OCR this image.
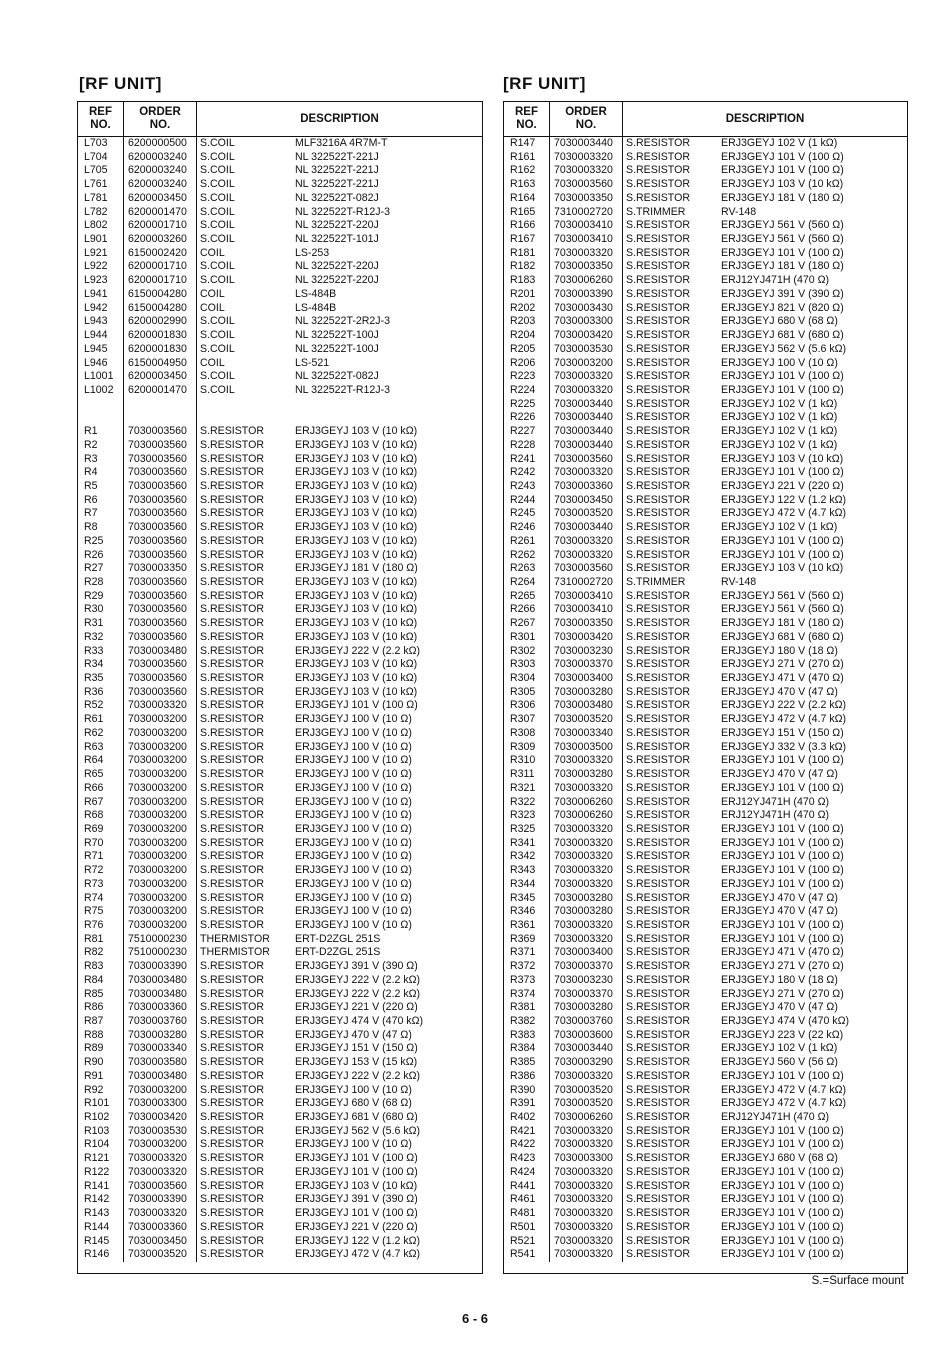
[RF UNIT]	[RF UNIT]
REF
NO.
ORDER
NO.
DESCRIPTION
L703
L704
L705
L761
L781
L782
L802
L901
L921
L922
L923
L941
L942
L943
L944
L945
L946
L1001
L1002

R1
R2
R3
R4
R5
R6
R7
R8
R25
R26
R27
R28
R29
R30
R31
R32
R33
R34
R35
R36
R52
R61
R62
R63
R64
R65
R66
R67
R68
R69
R70
R71
R72
R73
R74
R75
R76
R81
R82
R83
R84
R85
R86
R87
R88
R89
R90
R91
R92
R101
R102
R103
R104
R121
R122
R141
R142
R143
R144
R145
R146
6200000500
6200003240
6200003240
6200003240
6200003450
6200001470
6200001710
6200003260
6150002420
6200001710
6200001710
6150004280
6150004280
6200002990
6200001830
6200001830
6150004950
6200003450
6200001470

7030003560
7030003560
7030003560
7030003560
7030003560
7030003560
7030003560
7030003560
7030003560
7030003560
7030003350
7030003560
7030003560
7030003560
7030003560
7030003560
7030003480
7030003560
7030003560
7030003560
7030003320
7030003200
7030003200
7030003200
7030003200
7030003200
7030003200
7030003200
7030003200
7030003200
7030003200
7030003200
7030003200
7030003200
7030003200
7030003200
7030003200
7510000230
7510000230
7030003390
7030003480
7030003480
7030003360
7030003760
7030003280
7030003340
7030003580
7030003480
7030003200
7030003300
7030003420
7030003530
7030003200
7030003320
7030003320
7030003560
7030003390
7030003320
7030003360
7030003450
7030003520
S.COIL
S.COIL
S.COIL
S.COIL
S.COIL
S.COIL
S.COIL
S.COIL
COIL
S.COIL
S.COIL
COIL
COIL
S.COIL
S.COIL
S.COIL
COIL
S.COIL
S.COIL

S.RESISTOR
S.RESISTOR
S.RESISTOR
S.RESISTOR
S.RESISTOR
S.RESISTOR
S.RESISTOR
S.RESISTOR
S.RESISTOR
S.RESISTOR
S.RESISTOR
S.RESISTOR
S.RESISTOR
S.RESISTOR
S.RESISTOR
S.RESISTOR
S.RESISTOR
S.RESISTOR
S.RESISTOR
S.RESISTOR
S.RESISTOR
S.RESISTOR
S.RESISTOR
S.RESISTOR
S.RESISTOR
S.RESISTOR
S.RESISTOR
S.RESISTOR
S.RESISTOR
S.RESISTOR
S.RESISTOR
S.RESISTOR
S.RESISTOR
S.RESISTOR
S.RESISTOR
S.RESISTOR
S.RESISTOR
THERMISTOR
THERMISTOR
S.RESISTOR
S.RESISTOR
S.RESISTOR
S.RESISTOR
S.RESISTOR
S.RESISTOR
S.RESISTOR
S.RESISTOR
S.RESISTOR
S.RESISTOR
S.RESISTOR
S.RESISTOR
S.RESISTOR
S.RESISTOR
S.RESISTOR
S.RESISTOR
S.RESISTOR
S.RESISTOR
S.RESISTOR
S.RESISTOR
S.RESISTOR
S.RESISTOR
MLF3216A 4R7M-T
NL 322522T-221J
NL 322522T-221J
NL 322522T-221J
NL 322522T-082J
NL 322522T-R12J-3
NL 322522T-220J
NL 322522T-101J
LS-253
NL 322522T-220J
NL 322522T-220J
LS-484B
LS-484B
NL 322522T-2R2J-3
NL 322522T-100J
NL 322522T-100J
LS-521
NL 322522T-082J
NL 322522T-R12J-3

ERJ3GEYJ 103 V (10 kΩ)
ERJ3GEYJ 103 V (10 kΩ)
ERJ3GEYJ 103 V (10 kΩ)
ERJ3GEYJ 103 V (10 kΩ)
ERJ3GEYJ 103 V (10 kΩ)
ERJ3GEYJ 103 V (10 kΩ)
ERJ3GEYJ 103 V (10 kΩ)
ERJ3GEYJ 103 V (10 kΩ)
ERJ3GEYJ 103 V (10 kΩ)
ERJ3GEYJ 103 V (10 kΩ)
ERJ3GEYJ 181 V (180 Ω)
ERJ3GEYJ 103 V (10 kΩ)
ERJ3GEYJ 103 V (10 kΩ)
ERJ3GEYJ 103 V (10 kΩ)
ERJ3GEYJ 103 V (10 kΩ)
ERJ3GEYJ 103 V (10 kΩ)
ERJ3GEYJ 222 V (2.2 kΩ)
ERJ3GEYJ 103 V (10 kΩ)
ERJ3GEYJ 103 V (10 kΩ)
ERJ3GEYJ 103 V (10 kΩ)
ERJ3GEYJ 101 V (100 Ω)
ERJ3GEYJ 100 V (10 Ω)
ERJ3GEYJ 100 V (10 Ω)
ERJ3GEYJ 100 V (10 Ω)
ERJ3GEYJ 100 V (10 Ω)
ERJ3GEYJ 100 V (10 Ω)
ERJ3GEYJ 100 V (10 Ω)
ERJ3GEYJ 100 V (10 Ω)
ERJ3GEYJ 100 V (10 Ω)
ERJ3GEYJ 100 V (10 Ω)
ERJ3GEYJ 100 V (10 Ω)
ERJ3GEYJ 100 V (10 Ω)
ERJ3GEYJ 100 V (10 Ω)
ERJ3GEYJ 100 V (10 Ω)
ERJ3GEYJ 100 V (10 Ω)
ERJ3GEYJ 100 V (10 Ω)
ERJ3GEYJ 100 V (10 Ω)
ERT-D2ZGL 251S
ERT-D2ZGL 251S
ERJ3GEYJ 391 V (390 Ω)
ERJ3GEYJ 222 V (2.2 kΩ)
ERJ3GEYJ 222 V (2.2 kΩ)
ERJ3GEYJ 221 V (220 Ω)
ERJ3GEYJ 474 V (470 kΩ)
ERJ3GEYJ 470 V (47 Ω)
ERJ3GEYJ 151 V (150 Ω)
ERJ3GEYJ 153 V (15 kΩ)
ERJ3GEYJ 222 V (2.2 kΩ)
ERJ3GEYJ 100 V (10 Ω)
ERJ3GEYJ 680 V (68 Ω)
ERJ3GEYJ 681 V (680 Ω)
ERJ3GEYJ 562 V (5.6 kΩ)
ERJ3GEYJ 100 V (10 Ω)
ERJ3GEYJ 101 V (100 Ω)
ERJ3GEYJ 101 V (100 Ω)
ERJ3GEYJ 103 V (10 kΩ)
ERJ3GEYJ 391 V (390 Ω)
ERJ3GEYJ 101 V (100 Ω)
ERJ3GEYJ 221 V (220 Ω)
ERJ3GEYJ 122 V (1.2 kΩ)
ERJ3GEYJ 472 V (4.7 kΩ)
REF
NO.
ORDER
NO.
DESCRIPTION
R147
R161
R162
R163
R164
R165
R166
R167
R181
R182
R183
R201
R202
R203
R204
R205
R206
R223
R224
R225
R226
R227
R228
R241
R242
R243
R244
R245
R246
R261
R262
R263
R264
R265
R266
R267
R301
R302
R303
R304
R305
R306
R307
R308
R309
R310
R311
R321
R322
R323
R325
R341
R342
R343
R344
R345
R346
R361
R369
R371
R372
R373
R374
R381
R382
R383
R384
R385
R386
R390
R391
R402
R421
R422
R423
R424
R441
R461
R481
R501
R521
R541
7030003440
7030003320
7030003320
7030003560
7030003350
7310002720
7030003410
7030003410
7030003320
7030003350
7030006260
7030003390
7030003430
7030003300
7030003420
7030003530
7030003200
7030003320
7030003320
7030003440
7030003440
7030003440
7030003440
7030003560
7030003320
7030003360
7030003450
7030003520
7030003440
7030003320
7030003320
7030003560
7310002720
7030003410
7030003410
7030003350
7030003420
7030003230
7030003370
7030003400
7030003280
7030003480
7030003520
7030003340
7030003500
7030003320
7030003280
7030003320
7030006260
7030006260
7030003320
7030003320
7030003320
7030003320
7030003320
7030003280
7030003280
7030003320
7030003320
7030003400
7030003370
7030003230
7030003370
7030003280
7030003760
7030003600
7030003440
7030003290
7030003320
7030003520
7030003520
7030006260
7030003320
7030003320
7030003300
7030003320
7030003320
7030003320
7030003320
7030003320
7030003320
7030003320
S.RESISTOR
S.RESISTOR
S.RESISTOR
S.RESISTOR
S.RESISTOR
S.TRIMMER
S.RESISTOR
S.RESISTOR
S.RESISTOR
S.RESISTOR
S.RESISTOR
S.RESISTOR
S.RESISTOR
S.RESISTOR
S.RESISTOR
S.RESISTOR
S.RESISTOR
S.RESISTOR
S.RESISTOR
S.RESISTOR
S.RESISTOR
S.RESISTOR
S.RESISTOR
S.RESISTOR
S.RESISTOR
S.RESISTOR
S.RESISTOR
S.RESISTOR
S.RESISTOR
S.RESISTOR
S.RESISTOR
S.RESISTOR
S.TRIMMER
S.RESISTOR
S.RESISTOR
S.RESISTOR
S.RESISTOR
S.RESISTOR
S.RESISTOR
S.RESISTOR
S.RESISTOR
S.RESISTOR
S.RESISTOR
S.RESISTOR
S.RESISTOR
S.RESISTOR
S.RESISTOR
S.RESISTOR
S.RESISTOR
S.RESISTOR
S.RESISTOR
S.RESISTOR
S.RESISTOR
S.RESISTOR
S.RESISTOR
S.RESISTOR
S.RESISTOR
S.RESISTOR
S.RESISTOR
S.RESISTOR
S.RESISTOR
S.RESISTOR
S.RESISTOR
S.RESISTOR
S.RESISTOR
S.RESISTOR
S.RESISTOR
S.RESISTOR
S.RESISTOR
S.RESISTOR
S.RESISTOR
S.RESISTOR
S.RESISTOR
S.RESISTOR
S.RESISTOR
S.RESISTOR
S.RESISTOR
S.RESISTOR
S.RESISTOR
S.RESISTOR
S.RESISTOR
S.RESISTOR
ERJ3GEYJ 102 V (1 kΩ)
ERJ3GEYJ 101 V (100 Ω)
ERJ3GEYJ 101 V (100 Ω)
ERJ3GEYJ 103 V (10 kΩ)
ERJ3GEYJ 181 V (180 Ω)
RV-148
ERJ3GEYJ 561 V (560 Ω)
ERJ3GEYJ 561 V (560 Ω)
ERJ3GEYJ 101 V (100 Ω)
ERJ3GEYJ 181 V (180 Ω)
ERJ12YJ471H (470 Ω)
ERJ3GEYJ 391 V (390 Ω)
ERJ3GEYJ 821 V (820 Ω)
ERJ3GEYJ 680 V (68 Ω)
ERJ3GEYJ 681 V (680 Ω)
ERJ3GEYJ 562 V (5.6 kΩ)
ERJ3GEYJ 100 V (10 Ω)
ERJ3GEYJ 101 V (100 Ω)
ERJ3GEYJ 101 V (100 Ω)
ERJ3GEYJ 102 V (1 kΩ)
ERJ3GEYJ 102 V (1 kΩ)
ERJ3GEYJ 102 V (1 kΩ)
ERJ3GEYJ 102 V (1 kΩ)
ERJ3GEYJ 103 V (10 kΩ)
ERJ3GEYJ 101 V (100 Ω)
ERJ3GEYJ 221 V (220 Ω)
ERJ3GEYJ 122 V (1.2 kΩ)
ERJ3GEYJ 472 V (4.7 kΩ)
ERJ3GEYJ 102 V (1 kΩ)
ERJ3GEYJ 101 V (100 Ω)
ERJ3GEYJ 101 V (100 Ω)
ERJ3GEYJ 103 V (10 kΩ)
RV-148
ERJ3GEYJ 561 V (560 Ω)
ERJ3GEYJ 561 V (560 Ω)
ERJ3GEYJ 181 V (180 Ω)
ERJ3GEYJ 681 V (680 Ω)
ERJ3GEYJ 180 V (18 Ω)
ERJ3GEYJ 271 V (270 Ω)
ERJ3GEYJ 471 V (470 Ω)
ERJ3GEYJ 470 V (47 Ω)
ERJ3GEYJ 222 V (2.2 kΩ)
ERJ3GEYJ 472 V (4.7 kΩ)
ERJ3GEYJ 151 V (150 Ω)
ERJ3GEYJ 332 V (3.3 kΩ)
ERJ3GEYJ 101 V (100 Ω)
ERJ3GEYJ 470 V (47 Ω)
ERJ3GEYJ 101 V (100 Ω)
ERJ12YJ471H (470 Ω)
ERJ12YJ471H (470 Ω)
ERJ3GEYJ 101 V (100 Ω)
ERJ3GEYJ 101 V (100 Ω)
ERJ3GEYJ 101 V (100 Ω)
ERJ3GEYJ 101 V (100 Ω)
ERJ3GEYJ 101 V (100 Ω)
ERJ3GEYJ 470 V (47 Ω)
ERJ3GEYJ 470 V (47 Ω)
ERJ3GEYJ 101 V (100 Ω)
ERJ3GEYJ 101 V (100 Ω)
ERJ3GEYJ 471 V (470 Ω)
ERJ3GEYJ 271 V (270 Ω)
ERJ3GEYJ 180 V (18 Ω)
ERJ3GEYJ 271 V (270 Ω)
ERJ3GEYJ 470 V (47 Ω)
ERJ3GEYJ 474 V (470 kΩ)
ERJ3GEYJ 223 V (22 kΩ)
ERJ3GEYJ 102 V (1 kΩ)
ERJ3GEYJ 560 V (56 Ω)
ERJ3GEYJ 101 V (100 Ω)
ERJ3GEYJ 472 V (4.7 kΩ)
ERJ3GEYJ 472 V (4.7 kΩ)
ERJ12YJ471H (470 Ω)
ERJ3GEYJ 101 V (100 Ω)
ERJ3GEYJ 101 V (100 Ω)
ERJ3GEYJ 680 V (68 Ω)
ERJ3GEYJ 101 V (100 Ω)
ERJ3GEYJ 101 V (100 Ω)
ERJ3GEYJ 101 V (100 Ω)
ERJ3GEYJ 101 V (100 Ω)
ERJ3GEYJ 101 V (100 Ω)
ERJ3GEYJ 101 V (100 Ω)
ERJ3GEYJ 101 V (100 Ω)
S.=Surface mount
6 - 6
